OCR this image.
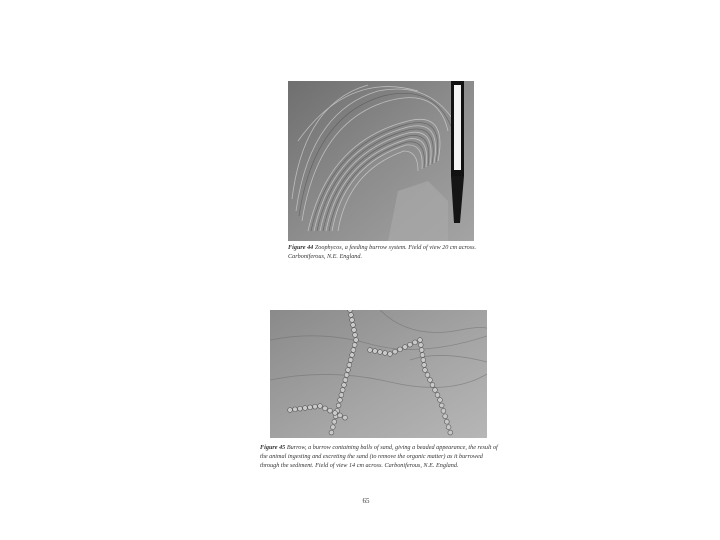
Figure 44 Zoophycos, a feeding burrow system. Field of view 20 cm across. Carboniferous, N.E. England.
Figure 45 Burrow, a burrow containing balls of sand, giving a beaded appearance, the result of the animal ingesting and excreting the sand (to remove the organic matter) as it burrowed through the sediment. Field of view 14 cm across. Carboniferous, N.E. England.
65
